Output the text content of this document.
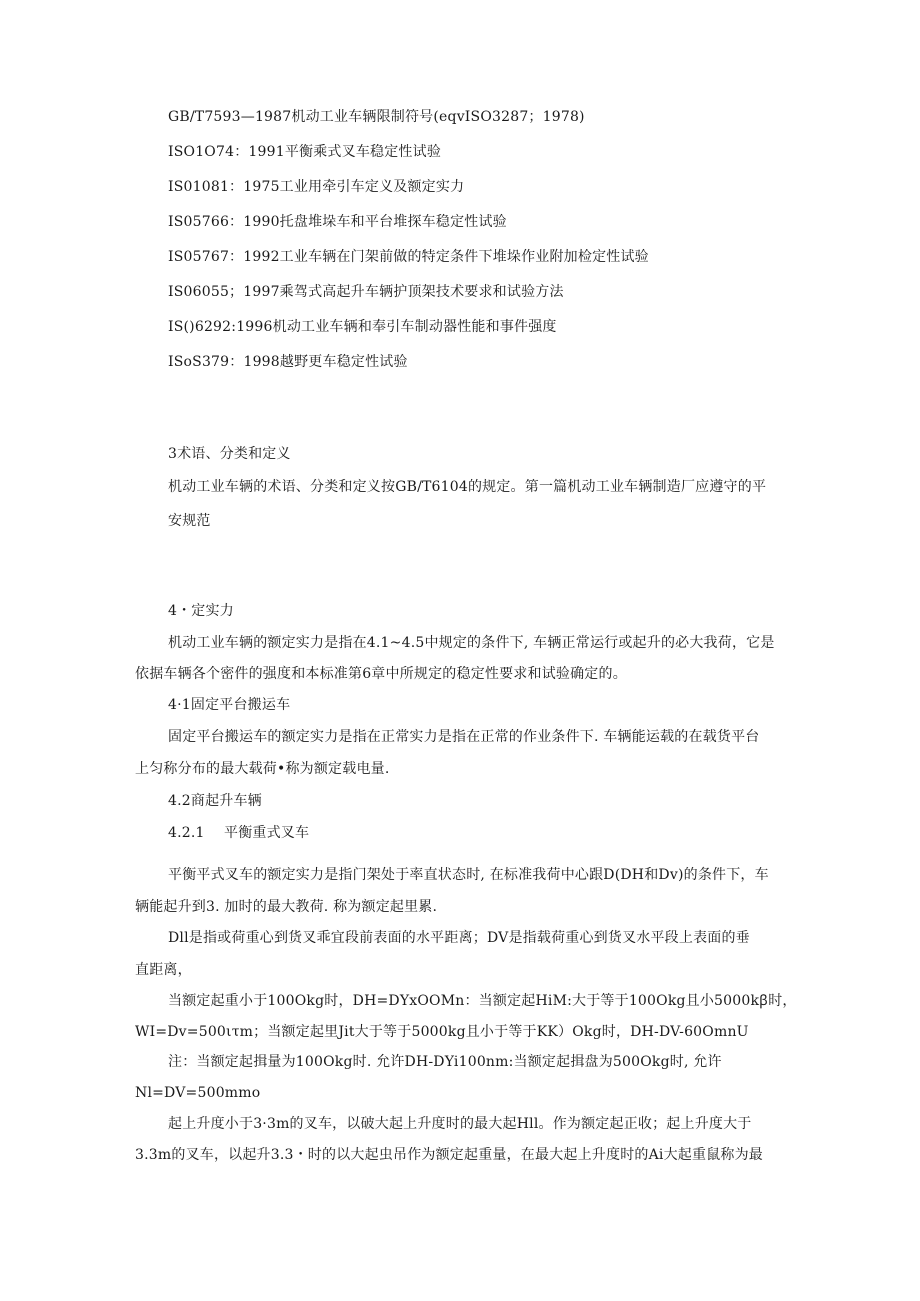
GB/T7593—1987机动工业车辆限制符号(eqvISO3287；1978)
ISO1O74：1991平衡乘式叉车稳定性试验
IS01081：1975工业用牵引车定义及额定实力
IS05766：1990托盘堆垛车和平台堆探车稳定性试验
IS05767：1992工业车辆在门架前做的特定条件下堆垛作业附加检定性试验
IS06055；1997乘驾式高起升车辆护顶架技术要求和试验方法
IS()6292:1996机动工业车辆和奉引车制动器性能和事件强度
ISoS379：1998越野更车稳定性试验
3术语、分类和定义
机动工业车辆的术语、分类和定义按GB/T6104的规定。第一篇机动工业车辆制造厂应遵守的平
安规范
4・定实力
机动工业车辆的额定实力是指在4.1~4.5中规定的条件下, 车辆正常运行或起升的必大我荷，它是
依据车辆各个密件的强度和本标准第6章中所规定的稳定性要求和试验确定的。
4·1固定平台搬运车
固定平台搬运车的额定实力是指在正常实力是指在正常的作业条件下. 车辆能运载的在载货平台
上匀称分布的最大载荷•称为额定载电量.
4.2商起升车辆
4.2.1 平衡重式叉车
平衡平式叉车的额定实力是指门架处于率直状态时, 在标准我荷中心跟D(DH和Dv)的条件下，车
辆能起升到3. 加时的最大教荷. 称为额定起里累.
Dll是指或荷重心到货叉乖宜段前表面的水平距离；DV是指载荷重心到货叉水平段上表面的垂
直距离，
当额定起重小于100Okg时，DH=DYxOOMn：当额定起HiM:大于等于100Okg且小5000kꞵ时，
WI=Dv=500ιτm；当额定起里Jit大于等于5000kg且小于等于KK）Okg时，DH-DV-60OmnU
注：当额定起揖量为100Okg时. 允许DH-DYi100nm:当额定起揖盘为500Okg时, 允许
Nl=DV=500mmo
起上升度小于3·3m的叉车，以破大起上升度时的最大起Hll。作为额定起正收；起上升度大于
3.3m的叉车，以起升3.3・时的以大起虫吊作为额定起重量，在最大起上升度时的Ai大起重鼠称为最
